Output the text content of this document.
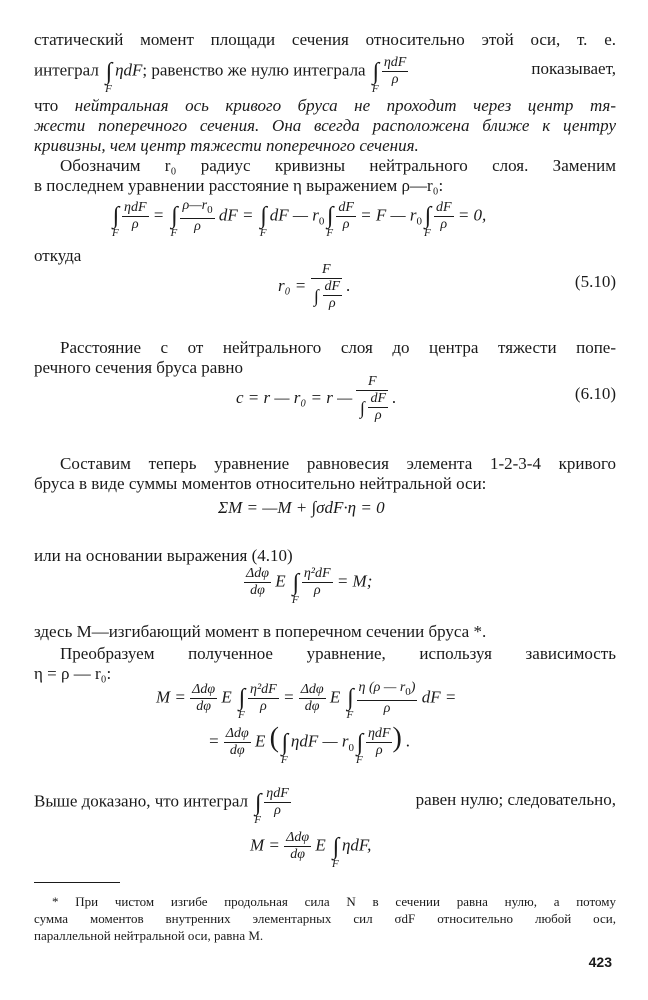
статический момент площади сечения относительно этой оси, т. е.
интеграл ∫
F
ηdF; равенство же нулю интеграла ∫
F
$\frac{\text{ηdF}}{\rho}$	показывает,
что нейтральная ось кривого бруса не проходит через центр тя-
жести поперечного сечения. Она всегда расположена ближе к центру
кривизны, чем центр тяжести поперечного сечения.
Обозначим r₀ радиус кривизны нейтрального слоя. Заменим
в последнем уравнении расстояние η выражением ρ—r₀:
∫
F
$\frac{\text{ηdF}}{\rho}$ = ∫
F $\frac{\rho—r_0}{\rho}$ dF = ∫
F
dF — $r_0$ ∫
F
$\frac{dF}{\rho} = F$ — $r_0$ ∫
F
$\frac{dF}{\rho} = 0$,
откуда
$r_0 = \frac{F}{\int \frac{dF}{\rho}}$ .	(5.10)
Расстояние c от нейтрального слоя до центра тяжести попе-
речного сечения бруса равно
c = r — r₀ = r — $\frac{F}{\int \frac{dF}{\rho}}$ .	(6.10)
Составим теперь уравнение равновесия элемента 1-2-3-4 кривого
бруса в виде суммы моментов относительно нейтральной оси:
ΣM = —M + ∫σdF·η = 0
или на основании выражения (4.10)
$\frac{\text{Δdφ}}{d\varphi}$ E ∫
F
$\frac{\text{η²dF}}{\rho} = M$;
здесь M—изгибающий момент в поперечном сечении бруса *.
Преобразуем полученное уравнение, используя зависимость
η = ρ — r₀:
$M = \frac{\text{Δdφ}}{d\varphi}$ E ∫
F
$\frac{\text{η²dF}}{\rho} = \frac{\text{Δdφ}}{d\varphi}$ E ∫
F $\frac{\eta (\rho — r_0)}{\rho}$ dF =
= $\frac{\text{Δdφ}}{d\varphi}$ E ( ∫
F
ηdF — $r_0$ ∫
F
$\frac{\text{ηdF}}{\rho}$ ) .
Выше доказано, что интеграл ∫
F
$\frac{\text{ηdF}}{\rho}$	равен нулю; следовательно,
$M = \frac{\text{Δdφ}}{d\varphi}$ E ∫
F
ηdF,
* При чистом изгибе продольная сила N в сечении равна нулю, а потому
сумма моментов внутренних элементарных сил σdF относительно любой оси,
параллельной нейтральной оси, равна M.
423
